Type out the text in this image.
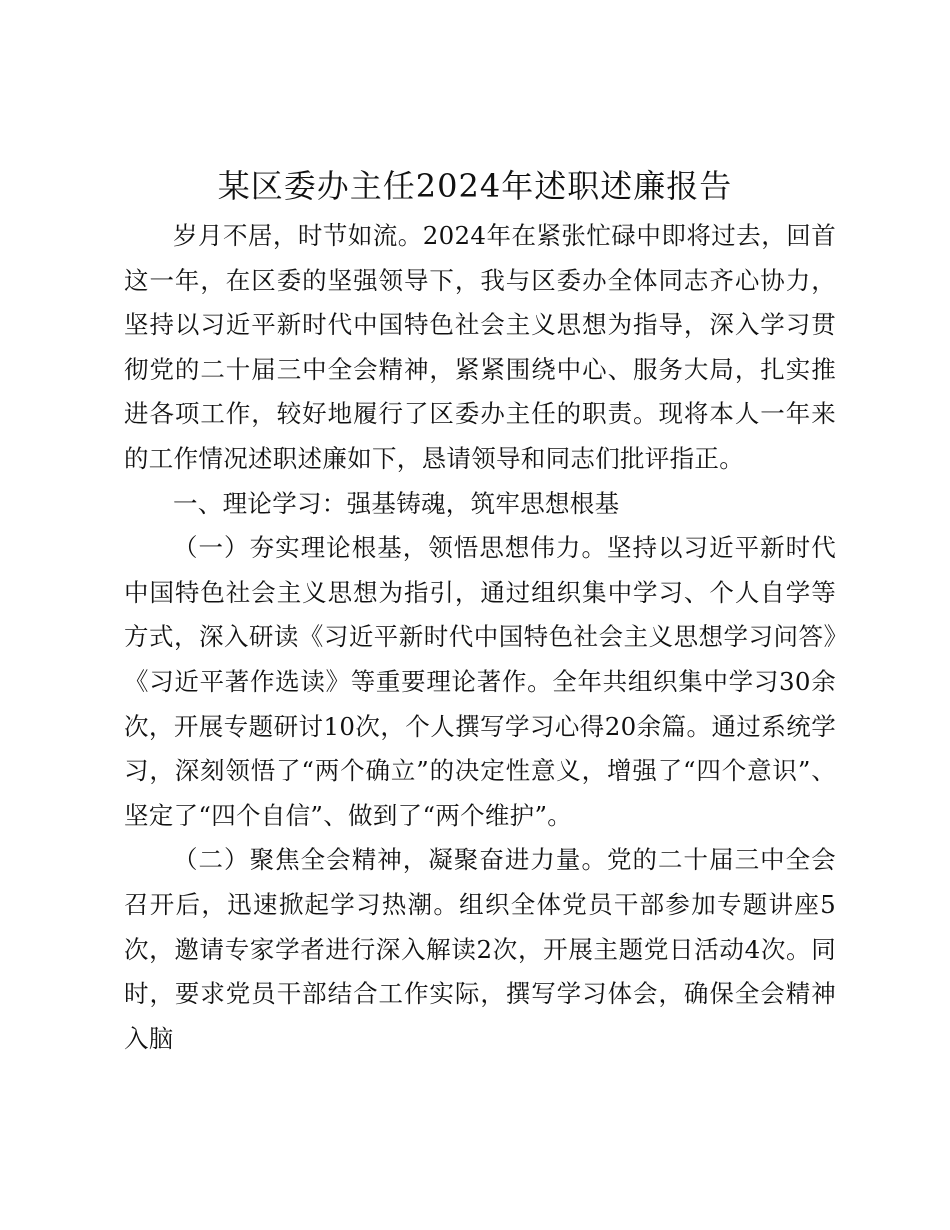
某区委办主任2024年述职述廉报告

岁月不居，时节如流。2024年在紧张忙碌中即将过去，回首这一年，在区委的坚强领导下，我与区委办全体同志齐心协力，坚持以习近平新时代中国特色社会主义思想为指导，深入学习贯彻党的二十届三中全会精神，紧紧围绕中心、服务大局，扎实推进各项工作，较好地履行了区委办主任的职责。现将本人一年来的工作情况述职述廉如下，恳请领导和同志们批评指正。

一、理论学习：强基铸魂，筑牢思想根基

（一）夯实理论根基，领悟思想伟力。坚持以习近平新时代中国特色社会主义思想为指引，通过组织集中学习、个人自学等方式，深入研读《习近平新时代中国特色社会主义思想学习问答》《习近平著作选读》等重要理论著作。全年共组织集中学习30余次，开展专题研讨10次，个人撰写学习心得20余篇。通过系统学习，深刻领悟了“两个确立”的决定性意义，增强了“四个意识”、坚定了“四个自信”、做到了“两个维护”。

（二）聚焦全会精神，凝聚奋进力量。党的二十届三中全会召开后，迅速掀起学习热潮。组织全体党员干部参加专题讲座5次，邀请专家学者进行深入解读2次，开展主题党日活动4次。同时，要求党员干部结合工作实际，撰写学习体会，确保全会精神入脑
